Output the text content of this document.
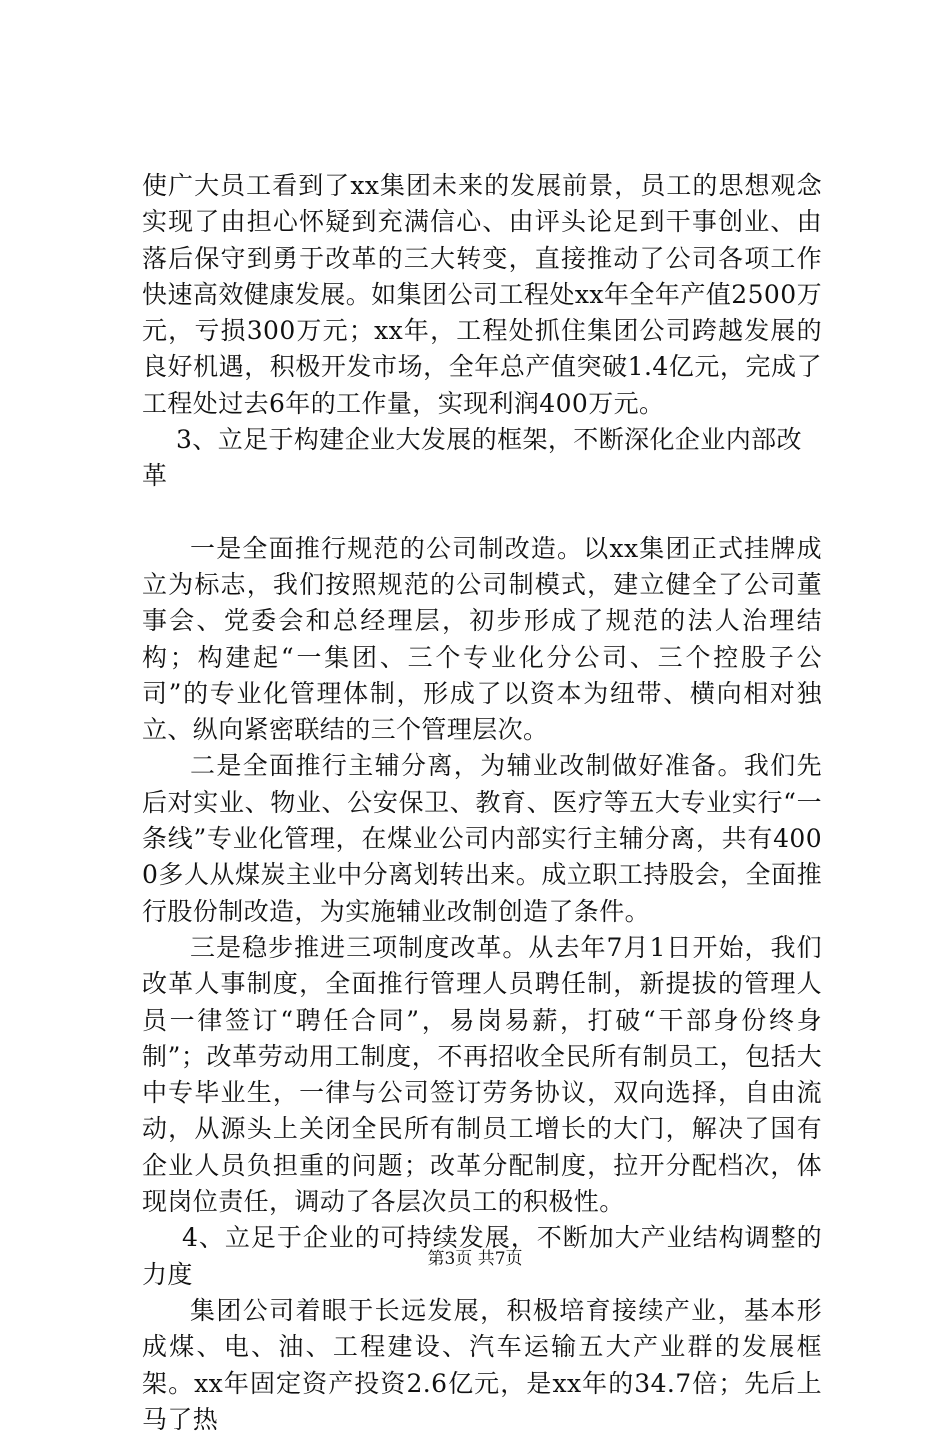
使广大员工看到了xx集团未来的发展前景，员工的思想观念实现了由担心怀疑到充满信心、由评头论足到干事创业、由落后保守到勇于改革的三大转变，直接推动了公司各项工作快速高效健康发展。如集团公司工程处xx年全年产值2500万元，亏损300万元；xx年，工程处抓住集团公司跨越发展的良好机遇，积极开发市场，全年总产值突破1.4亿元，完成了工程处过去6年的工作量，实现利润400万元。

3、立足于构建企业大发展的框架，不断深化企业内部改革

一是全面推行规范的公司制改造。以xx集团正式挂牌成立为标志，我们按照规范的公司制模式，建立健全了公司董事会、党委会和总经理层，初步形成了规范的法人治理结构；构建起“一集团、三个专业化分公司、三个控股子公司”的专业化管理体制，形成了以资本为纽带、横向相对独立、纵向紧密联结的三个管理层次。

二是全面推行主辅分离，为辅业改制做好准备。我们先后对实业、物业、公安保卫、教育、医疗等五大专业实行“一条线”专业化管理，在煤业公司内部实行主辅分离，共有4000多人从煤炭主业中分离划转出来。成立职工持股会，全面推行股份制改造，为实施辅业改制创造了条件。

三是稳步推进三项制度改革。从去年7月1日开始，我们改革人事制度，全面推行管理人员聘任制，新提拔的管理人员一律签订“聘任合同”，易岗易薪，打破“干部身份终身制”；改革劳动用工制度，不再招收全民所有制员工，包括大中专毕业生，一律与公司签订劳务协议，双向选择，自由流动，从源头上关闭全民所有制员工增长的大门，解决了国有企业人员负担重的问题；改革分配制度，拉开分配档次，体现岗位责任，调动了各层次员工的积极性。

4、立足于企业的可持续发展，不断加大产业结构调整的力度

集团公司着眼于长远发展，积极培育接续产业，基本形成煤、电、油、工程建设、汽车运输五大产业群的发展框架。xx年固定资产投资2.6亿元，是xx年的34.7倍；先后上马了热

第3页 共7页
